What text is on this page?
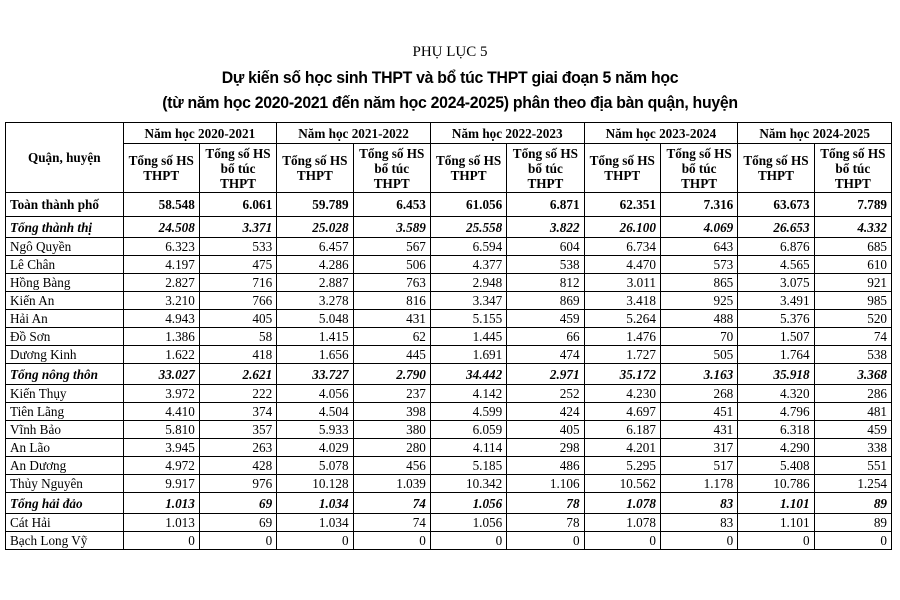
PHỤ LỤC 5
Dự kiến số học sinh THPT và bổ túc THPT giai đoạn 5 năm học
(từ năm học 2020-2021 đến năm học 2024-2025) phân theo địa bàn quận, huyện
Quận, huyện	Năm học 2020-2021		Năm học 2021-2022		Năm học 2022-2023		Năm học 2023-2024		Năm học 2024-2025	
	Tổng số HS THPT	Tổng số HS bổ túc THPT	Tổng số HS THPT	Tổng số HS bổ túc THPT	Tổng số HS THPT	Tổng số HS bổ túc THPT	Tổng số HS THPT	Tổng số HS bổ túc THPT	Tổng số HS THPT	Tổng số HS bổ túc THPT
Toàn thành phố	58.548	6.061	59.789	6.453	61.056	6.871	62.351	7.316	63.673	7.789
Tổng thành thị	24.508	3.371	25.028	3.589	25.558	3.822	26.100	4.069	26.653	4.332
Ngô Quyền	6.323	533	6.457	567	6.594	604	6.734	643	6.876	685
Lê Chân	4.197	475	4.286	506	4.377	538	4.470	573	4.565	610
Hồng Bàng	2.827	716	2.887	763	2.948	812	3.011	865	3.075	921
Kiến An	3.210	766	3.278	816	3.347	869	3.418	925	3.491	985
Hải An	4.943	405	5.048	431	5.155	459	5.264	488	5.376	520
Đồ Sơn	1.386	58	1.415	62	1.445	66	1.476	70	1.507	74
Dương Kinh	1.622	418	1.656	445	1.691	474	1.727	505	1.764	538
Tổng nông thôn	33.027	2.621	33.727	2.790	34.442	2.971	35.172	3.163	35.918	3.368
Kiến Thụy	3.972	222	4.056	237	4.142	252	4.230	268	4.320	286
Tiên Lãng	4.410	374	4.504	398	4.599	424	4.697	451	4.796	481
Vĩnh Bảo	5.810	357	5.933	380	6.059	405	6.187	431	6.318	459
An Lão	3.945	263	4.029	280	4.114	298	4.201	317	4.290	338
An Dương	4.972	428	5.078	456	5.185	486	5.295	517	5.408	551
Thủy Nguyên	9.917	976	10.128	1.039	10.342	1.106	10.562	1.178	10.786	1.254
Tổng hải đảo	1.013	69	1.034	74	1.056	78	1.078	83	1.101	89
Cát Hải	1.013	69	1.034	74	1.056	78	1.078	83	1.101	89
Bạch Long Vỹ	0	0	0	0	0	0	0	0	0	0
